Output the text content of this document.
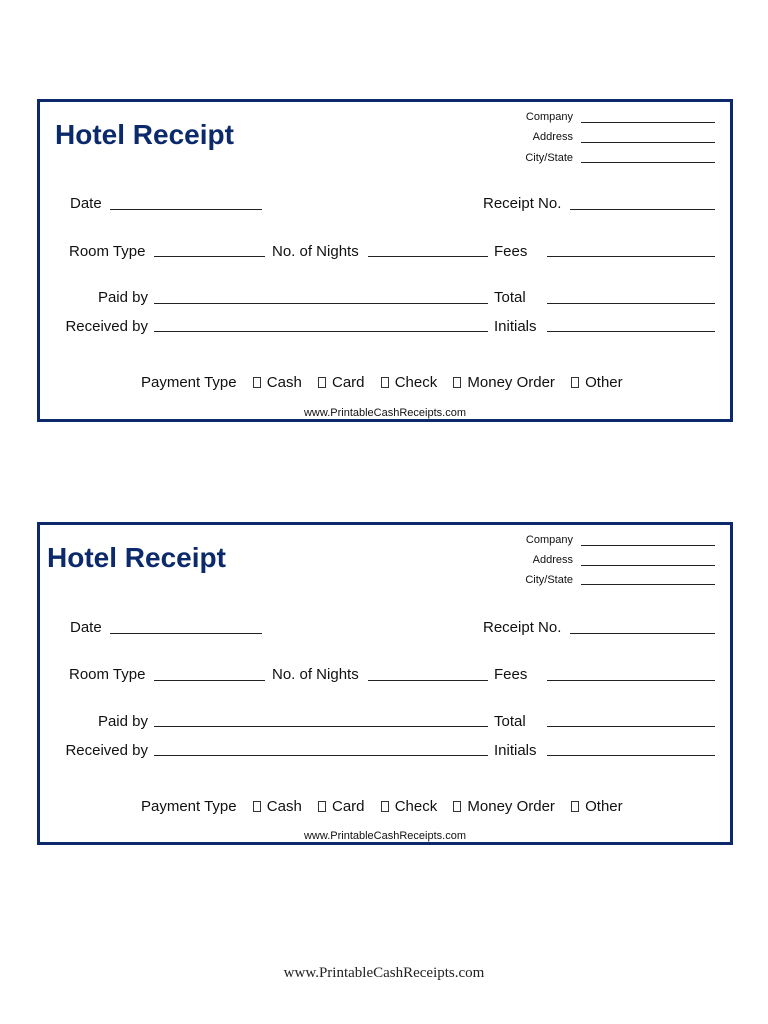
Hotel Receipt
Company
Address
City/State
Date	Receipt No.
Room Type	No. of Nights	Fees
Paid by	Total
Received by	Initials
Payment Type Cash Card Check Money Order Other
www.PrintableCashReceipts.com
Hotel Receipt
Company
Address
City/State
Date	Receipt No.
Room Type	No. of Nights	Fees
Paid by	Total
Received by	Initials
Payment Type Cash Card Check Money Order Other
www.PrintableCashReceipts.com
www.PrintableCashReceipts.com
